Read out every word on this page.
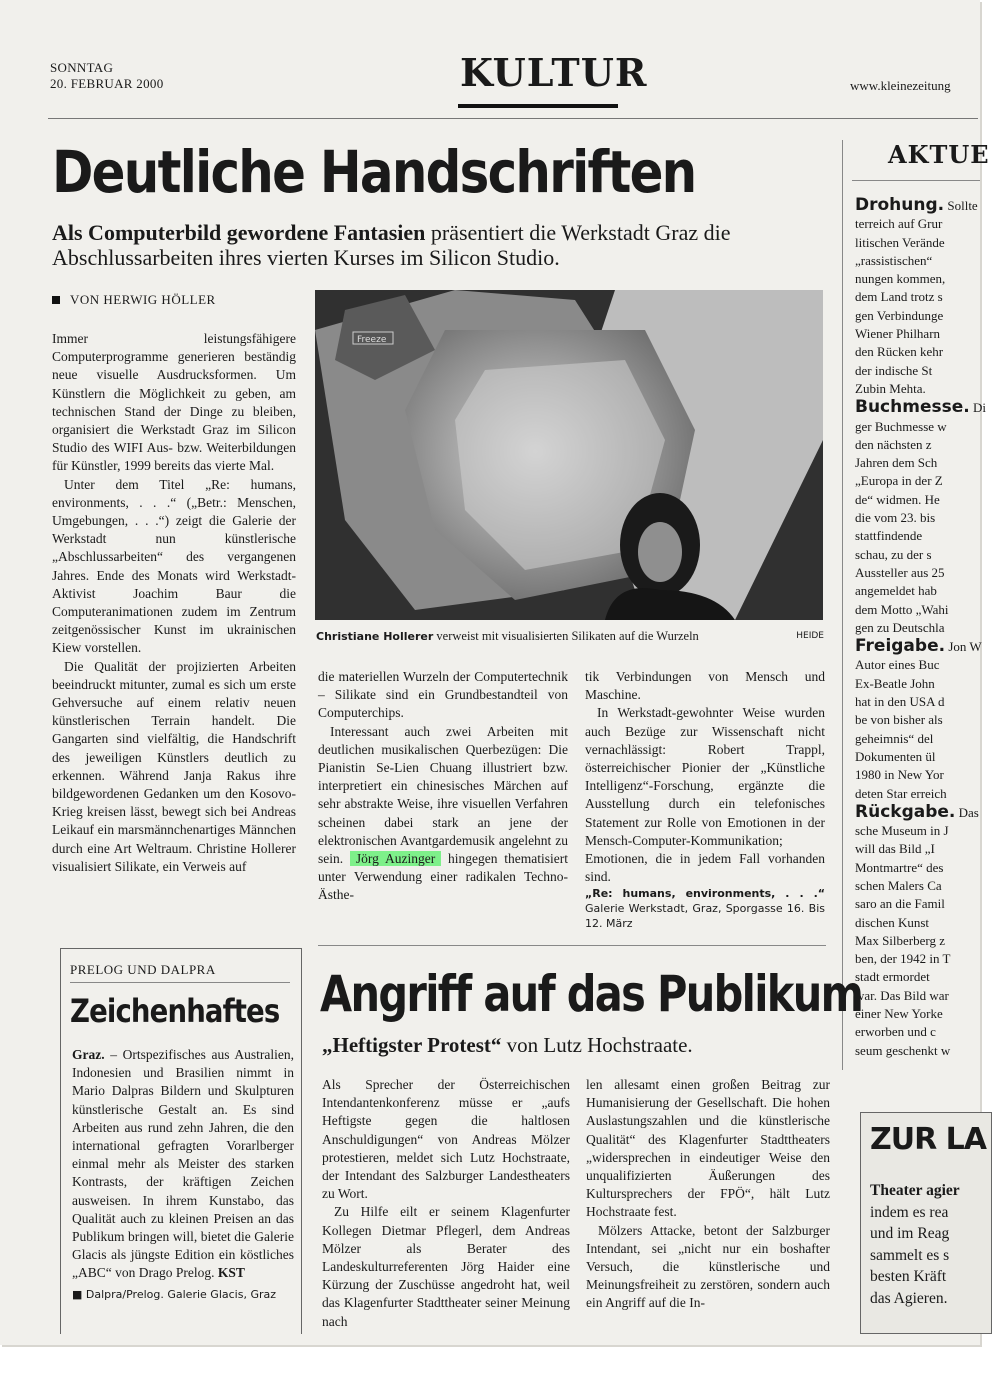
SONNTAG
20. FEBRUAR 2000	KULTUR	www.kleinezeitung
Deutliche Handschriften
Als Computerbild gewordene Fantasien präsentiert die Werkstadt Graz die Abschlussarbeiten ihres vierten Kurses im Silicon Studio.
VON HERWIG HÖLLER

Immer leistungsfähigere Computerprogramme generieren beständig neue visuelle Ausdrucksformen. Um Künstlern die Möglichkeit zu geben, am technischen Stand der Dinge zu bleiben, organisiert die Werkstadt Graz im Silicon Studio des WIFI Aus- bzw. Weiterbildungen für Künstler, 1999 bereits das vierte Mal.

Unter dem Titel „Re: humans, environments, . . .“ („Betr.: Menschen, Umgebungen, . . .“) zeigt die Galerie der Werkstadt nun künstlerische „Abschlussarbeiten“ des vergangenen Jahres. Ende des Monats wird Werkstadt-Aktivist Joachim Baur die Computeranimationen zudem im Zentrum zeitgenössischer Kunst im ukrainischen Kiew vorstellen.

Die Qualität der projizierten Arbeiten beeindruckt mitunter, zumal es sich um erste Gehversuche auf einem relativ neuen künstlerischen Terrain handelt. Die Gangarten sind vielfältig, die Handschrift des jeweiligen Künstlers deutlich zu erkennen. Während Janja Rakus ihre bildgewordenen Gedanken um den Kosovo-Krieg kreisen lässt, bewegt sich bei Andreas Leikauf ein marsmännchenartiges Männchen durch eine Art Weltraum. Christine Hollerer visualisiert Silikate, ein Verweis auf

Freeze
Christiane Hollerer verweist mit visualisierten Silikaten auf die Wurzeln	HEIDE

die materiellen Wurzeln der Computertechnik – Silikate sind ein Grundbestandteil von Computerchips.

Interessant auch zwei Arbeiten mit deutlichen musikalischen Querbezügen: Die Pianistin Se-Lien Chuang illustriert bzw. interpretiert ein chinesisches Märchen auf sehr abstrakte Weise, ihre visuellen Verfahren scheinen dabei stark an jene der elektronischen Avantgardemusik angelehnt zu sein. Jörg Auzinger hingegen thematisiert unter Verwendung einer radikalen Techno-Ästhe-

tik Verbindungen von Mensch und Maschine.

In Werkstadt-gewohnter Weise wurden auch Bezüge zur Wissenschaft nicht vernachlässigt: Robert Trappl, österreichischer Pionier der „Künstliche Intelligenz“-Forschung, ergänzte die Ausstellung durch ein telefonisches Statement zur Rolle von Emotionen in der Mensch-Computer-Kommunikation; Emotionen, die in jedem Fall vorhanden sind.

„Re: humans, environments, . . .“ Galerie Werkstadt, Graz, Sporgasse 16. Bis 12. März
AKTUE
Drohung. Sollte
terreich auf Grur
litischen Verände
„rassistischen“
nungen kommen,
dem Land trotz s
gen Verbindunge
Wiener Philharn
den Rücken kehr
der indische St
Zubin Mehta.
Buchmesse. Di
ger Buchmesse w
den nächsten z
Jahren dem Sch
„Europa in der Z
de“ widmen. He
die vom 23. bis
stattfindende
schau, zu der s
Aussteller aus 25
angemeldet hab
dem Motto „Wahi
gen zu Deutschla
Freigabe. Jon W
Autor eines Buc
Ex-Beatle John
hat in den USA d
be von bisher als
geheimnis“ del
Dokumenten ül
1980 in New Yor
deten Star erreich
Rückgabe. Das
sche Museum in J
will das Bild „I
Montmartre“ des
schen Malers Ca
saro an die Famil
dischen Kunst
Max Silberberg z
ben, der 1942 in T
stadt ermordet
war. Das Bild war
einer New Yorke
erworben und c
seum geschenkt w
PRELOG UND DALPRA
Zeichenhaftes

Graz. – Ortspezifisches aus Australien, Indonesien und Brasilien nimmt in Mario Dalpras Bildern und Skulpturen künstlerische Gestalt an. Es sind Arbeiten aus rund zehn Jahren, die den international gefragten Vorarlberger einmal mehr als Meister des starken Kontrasts, der kräftigen Zeichen ausweisen. In ihrem Kunstabo, das Qualität auch zu kleinen Preisen an das Publikum bringen will, bietet die Galerie Glacis als jüngste Edition ein köstliches „ABC“ von Drago Prelog. KST

■ Dalpra/Prelog. Galerie Glacis, Graz
Angriff auf das Publikum
„Heftigster Protest“ von Lutz Hochstraate.

Als Sprecher der Österreichischen Intendantenkonferenz müsse er „aufs Heftigste gegen die haltlosen Anschuldigungen“ von Andreas Mölzer protestieren, meldet sich Lutz Hochstraate, der Intendant des Salzburger Landestheaters zu Wort.

Zu Hilfe eilt er seinem Klagenfurter Kollegen Dietmar Pflegerl, dem Andreas Mölzer als Berater des Landeskulturreferenten Jörg Haider eine Kürzung der Zuschüsse angedroht hat, weil das Klagenfurter Stadttheater seiner Meinung nach

len allesamt einen großen Beitrag zur Humanisierung der Gesellschaft. Die hohen Auslastungszahlen und die künstlerische Qualität“ des Klagenfurter Stadttheaters „widersprechen in eindeutiger Weise den unqualifizierten Äußerungen des Kultursprechers der FPÖ“, hält Lutz Hochstraate fest.

Mölzers Attacke, betont der Salzburger Intendant, sei „nicht nur ein boshafter Versuch, die künstlerische und Meinungsfreiheit zu zerstören, sondern auch ein Angriff auf die In-

ZUR LA
Theater agier
indem es rea
und im Reag
sammelt es s
besten Kräft
das Agieren.
